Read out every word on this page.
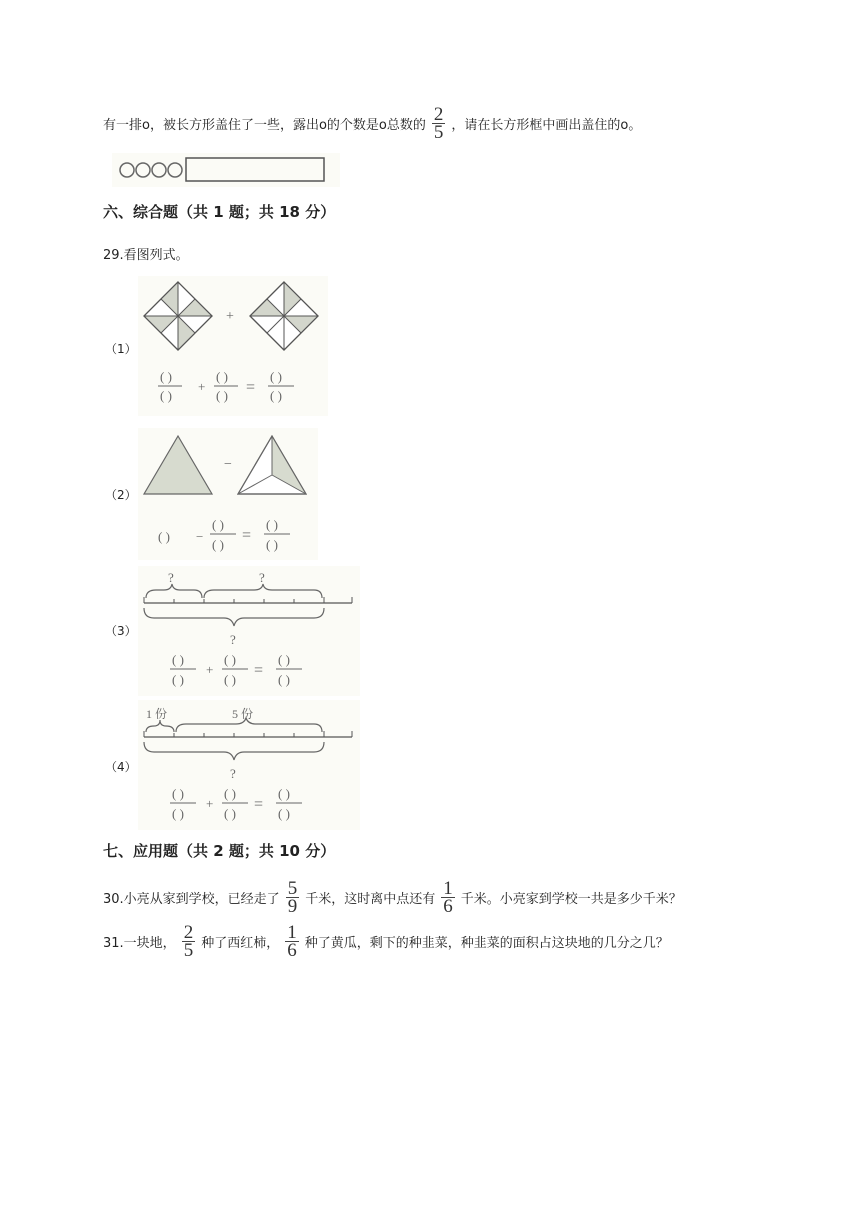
有一排o，被长方形盖住了一些，露出o的个数是o总数的 $\frac{2}{5}$ ，请在长方形框中画出盖住的o。
六、综合题（共 1 题；共 18 分）
29.看图列式。
（1）
+
( )
( )
+
( )
( ) =
( )
( )
（2）
−
( ) −
( )
( )
=
( )
( )
（3）
?	?
?
( )
( )
+
( )
( )
=
( )
( )
（4）
1 份	5 份
?
( )
( )
+
( )
( )
=
( )
( )
七、应用题（共 2 题；共 10 分）
30.小亮从家到学校，已经走了 $\frac{5}{9}$ 千米，这时离中点还有 $\frac{1}{6}$ 千米。小亮家到学校一共是多少千米？
31.一块地， $\frac{2}{5}$ 种了西红柿， $\frac{1}{6}$ 种了黄瓜，剩下的种韭菜，种韭菜的面积占这块地的几分之几？
